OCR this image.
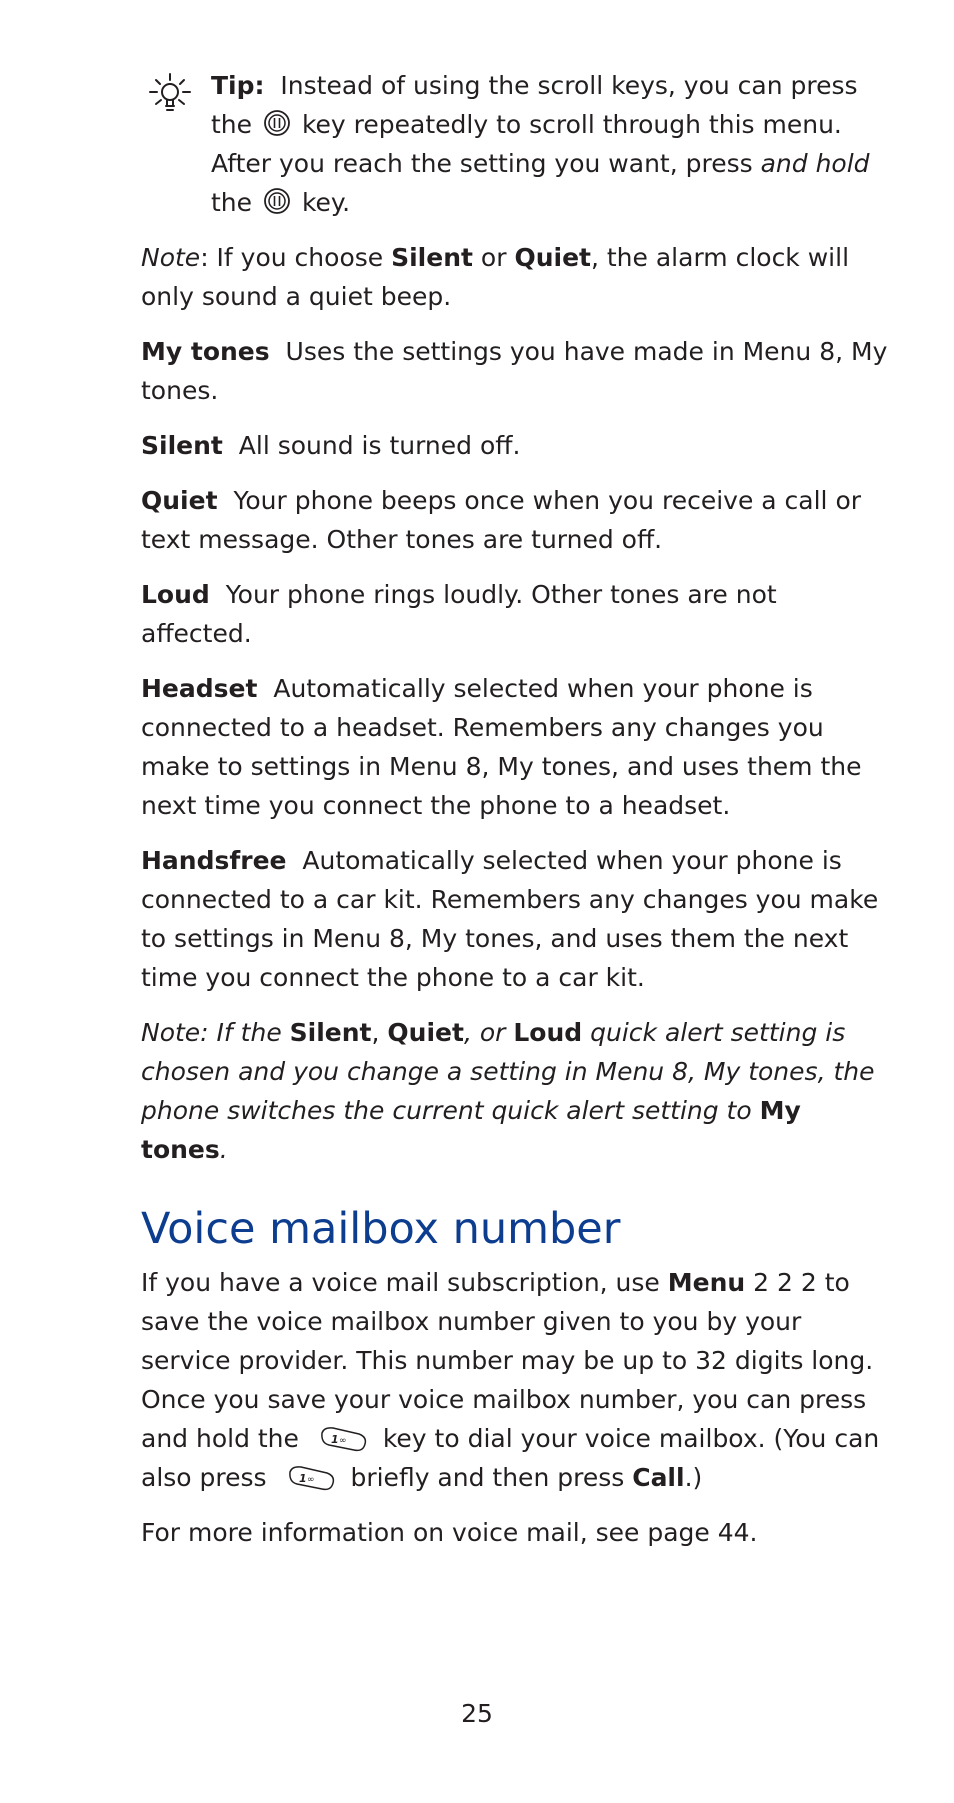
Tip: Instead of using the scroll keys, you can press
the key repeatedly to scroll through this menu.
After you reach the setting you want, press and hold
the key.

Note: If you choose Silent or Quiet, the alarm clock will only sound a quiet beep.

My tones Uses the settings you have made in Menu 8, My tones.

Silent All sound is turned off.

Quiet Your phone beeps once when you receive a call or text message. Other tones are turned off.

Loud Your phone rings loudly. Other tones are not affected.

Headset Automatically selected when your phone is connected to a headset. Remembers any changes you make to settings in Menu 8, My tones, and uses them the next time you connect the phone to a headset.

Handsfree Automatically selected when your phone is connected to a car kit. Remembers any changes you make to settings in Menu 8, My tones, and uses them the next time you connect the phone to a car kit.

Note: If the Silent, Quiet, or Loud quick alert setting is chosen and you change a setting in Menu 8, My tones, the phone switches the current quick alert setting to My tones.

Voice mailbox number

If you have a voice mail subscription, use Menu 2 2 2 to save the voice mailbox number given to you by your service provider. This number may be up to 32 digits long. Once you save your voice mailbox number, you can press and hold the	1 ∞ key to dial your voice mailbox. (You can also press	1 ∞ briefly and then press Call.)

For more information on voice mail, see page 44.

25
